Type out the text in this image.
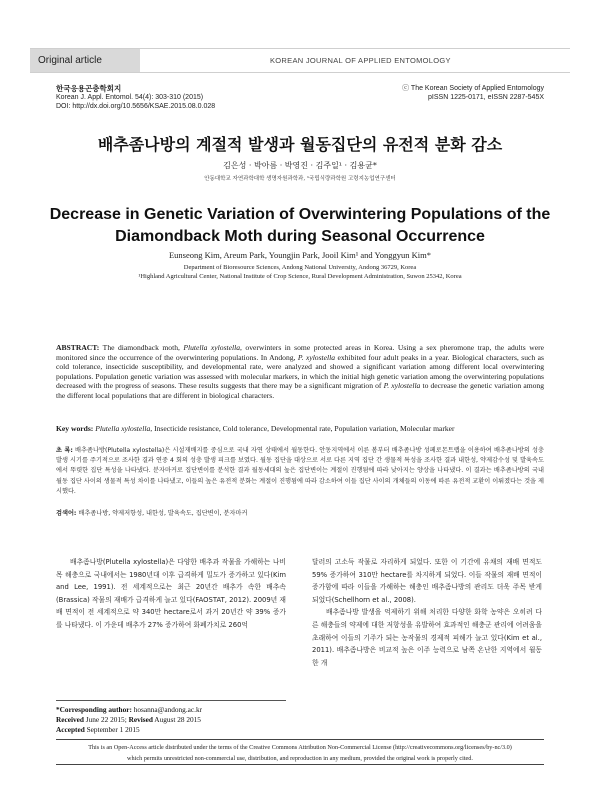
Original article	KOREAN JOURNAL OF APPLIED ENTOMOLOGY
한국응용곤충학회지
Korean J. Appl. Entomol. 54(4): 303-310 (2015)
DOI: http://dx.doi.org/10.5656/KSAE.2015.08.0.028
ⓒ The Korean Society of Applied Entomology
pISSN 1225-0171, eISSN 2287-545X
배추좀나방의 계절적 발생과 월동집단의 유전적 분화 감소
김은성 · 박아름 · 박영진 · 김주일¹ · 김용균*
안동대학교 자연과학대학 생명자원과학과, ¹국립식량과학원 고령지농업연구센터
Decrease in Genetic Variation of Overwintering Populations of the
Diamondback Moth during Seasonal Occurrence
Eunseong Kim, Areum Park, Youngjin Park, Jooil Kim¹ and Yonggyun Kim*
Department of Bioresource Sciences, Andong National University, Andong 36729, Korea
¹Highland Agricultural Center, National Institute of Crop Science, Rural Development Administration, Suwon 25342, Korea
ABSTRACT: The diamondback moth, Plutella xylostella, overwinters in some protected areas in Korea. Using a sex pheromone trap, the adults were monitored since the occurrence of the overwintering populations. In Andong, P. xylostella exhibited four adult peaks in a year. Biological characters, such as cold tolerance, insecticide susceptibility, and developmental rate, were analyzed and showed a significant variation among different local overwintering populations. Population genetic variation was assessed with molecular markers, in which the initial high genetic variation among the overwintering populations decreased with the progress of seasons. These results suggests that there may be a significant migration of P. xylostella to decrease the genetic variation among the different local populations that are different in biological characters.
Key words: Plutella xylostella, Insecticide resistance, Cold tolerance, Developmental rate, Population variation, Molecular marker
초 록: 배추좀나방(Plutella xylostella)은 시설재배지를 중심으로 국내 자연 상태에서 월동한다. 안동지역에서 이른 봄부터 배추좀나방 성페로몬트랩을 이용하여 배추좀나방의 성충 발생 시기를 주기적으로 조사한 결과 연중 4 회의 성충 발생 피크를 보였다. 월동 집단을 대상으로 서로 다른 지역 집단 간 생물적 특성을 조사한 결과 내한성, 약제감수성 및 발육속도에서 뚜렷한 집단 특성을 나타냈다. 분자마커로 집단변이를 분석한 결과 월동세대의 높은 집단변이는 계절이 진행됨에 따라 낮아지는 양상을 나타냈다. 이 결과는 배추좀나방의 국내 월동 집단 사이의 생물적 특성 차이를 나타냈고, 이들의 높은 유전적 분화는 계절이 진행됨에 따라 감소하여 이들 집단 사이의 개체들의 이동에 따른 유전적 교환이 이뤄졌다는 것을 제시했다.
검색어: 배추좀나방, 약제저항성, 내한성, 발육속도, 집단변이, 분자마커
배추좀나방(Plutella xylostella)은 다양한 배추과 작물을 가해하는 나비목 해충으로 국내에서는 1980년대 이후 급격하게 밀도가 증가하고 있다(Kim and Lee, 1991). 전 세계적으로는 최근 20년간 배추가 속한 배추속(Brassica) 작물의 재배가 급격하게 늘고 있다(FAOSTAT, 2012). 2009년 재배 면적이 전 세계적으로 약 340만 hectare로서 과거 20년간 약 39% 증가를 나타냈다. 이 가운데 배추가 27% 증가하여 화폐가치로 260억

달러의 고소득 작물로 자리하게 되었다. 또한 이 기간에 유채의 재배 면적도 59% 증가하여 310만 hectare를 차지하게 되었다. 이들 작물의 재배 면적이 증가함에 따라 이들을 가해하는 해충인 배추좀나방의 관리도 더욱 주목 받게 되었다(Schellhorn et al., 2008).

배추좀나방 발생을 억제하기 위해 처리한 다양한 화학 농약은 오히려 다른 해충들의 약제에 대한 저항성을 유발하여 효과적인 해충군 관리에 어려움을 초래하여 이들의 기주가 되는 농작물의 경제적 피해가 늘고 있다(Kim et al., 2011). 배추좀나방은 비교적 높은 이주 능력으로 남쪽 온난한 지역에서 월동한 개

*Corresponding author: hosanna@andong.ac.kr
Received June 22 2015; Revised August 28 2015
Accepted September 1 2015
This is an Open-Access article distributed under the terms of the Creative Commons Attribution Non-Commercial License (http://creativecommons.org/licenses/by-nc/3.0)
which permits unrestricted non-commercial use, distribution, and reproduction in any medium, provided the original work is properly cited.
